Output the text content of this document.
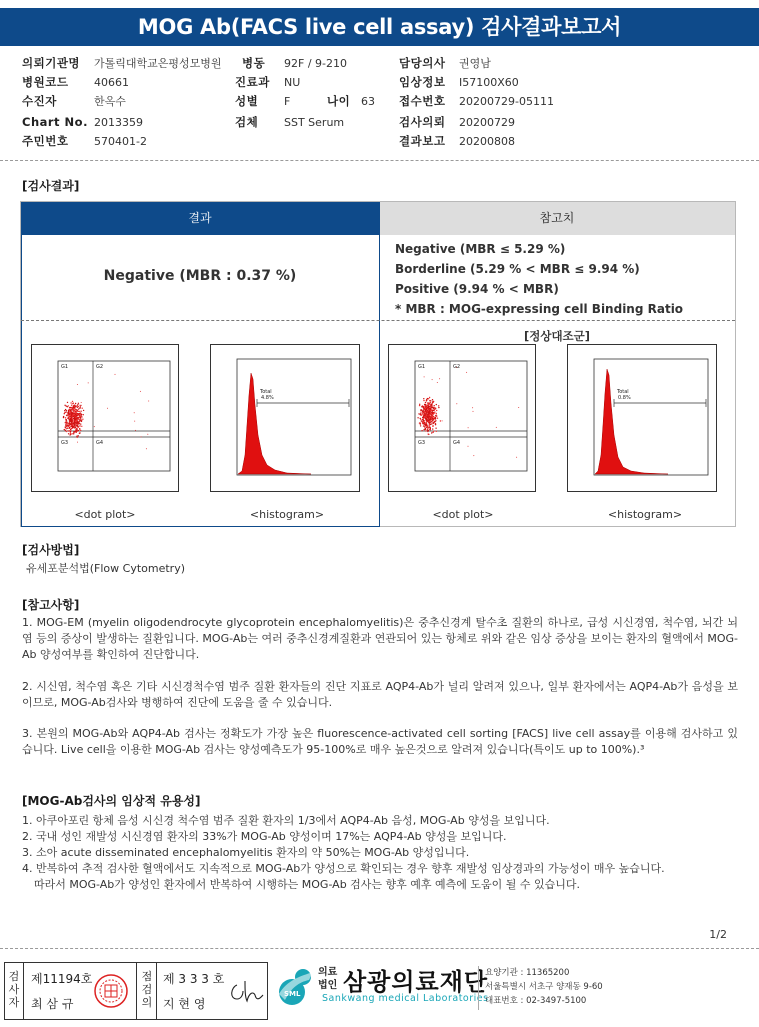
MOG Ab(FACS live cell assay) 검사결과보고서
의뢰기관명 가톨릭대학교은평성모병원 병동 92F / 9-210	담당의사 권영남
병원코드 40661	진료과 NU	임상정보 I57100X60
수진자	한옥수	성별 F	나이 63 접수번호 20200729-05111
Chart No. 2013359	검체 SST Serum	검사의뢰 20200729
주민번호 570401-2	결과보고 20200808
[검사결과]
결과	참고치
Negative (MBR : 0.37 %)
Negative (MBR ≤ 5.29 %)
Borderline (5.29 % < MBR ≤ 9.94 %)
Positive (9.94 % < MBR)
* MBR : MOG-expressing cell Binding Ratio
[정상대조군]
G1	G2
G3	G4
<dot plot>
Total
4.8%
<histogram>
G1	G2
G3	G4
<dot plot>
Total
0.8%
<histogram>
[검사방법]
유세포분석법(Flow Cytometry)
[참고사항]
1. MOG-EM (myelin oligodendrocyte glycoprotein encephalomyelitis)은 중추신경계 탈수초 질환의 하나로, 급성 시신경염, 척수염, 뇌간 뇌염 등의 증상이 발생하는 질환입니다. MOG-Ab는 여러 중추신경계질환과 연관되어 있는 항체로 위와 같은 임상 증상을 보이는 환자의 혈액에서 MOG-Ab 양성여부를 확인하여 진단합니다.
2. 시신염, 척수염 혹은 기타 시신경척수염 범주 질환 환자들의 진단 지표로 AQP4-Ab가 널리 알려져 있으나, 일부 환자에서는 AQP4-Ab가 음성을 보이므로, MOG-Ab검사와 병행하여 진단에 도움을 줄 수 있습니다.
3. 본원의 MOG-Ab와 AQP4-Ab 검사는 정확도가 가장 높은 fluorescence-activated cell sorting [FACS] live cell assay를 이용해 검사하고 있습니다. Live cell을 이용한 MOG-Ab 검사는 양성예측도가 95-100%로 매우 높은것으로 알려져 있습니다(특이도 up to 100%).³
[MOG-Ab검사의 임상적 유용성]

1. 아쿠아포린 항체 음성 시신경 척수염 범주 질환 환자의 1/3에서 AQP4-Ab 음성, MOG-Ab 양성을 보입니다.

2. 국내 성인 재발성 시신경염 환자의 33%가 MOG-Ab 양성이며 17%는 AQP4-Ab 양성을 보입니다.

3. 소아 acute disseminated encephalomyelitis 환자의 약 50%는 MOG-Ab 양성입니다.

4. 반복하여 추적 검사한 혈액에서도 지속적으로 MOG-Ab가 양성으로 확인되는 경우 향후 재발성 임상경과의 가능성이 매우 높습니다.

따라서 MOG-Ab가 양성인 환자에서 반복하여 시행하는 MOG-Ab 검사는 향후 예후 예측에 도움이 될 수 있습니다.

1/2
검
사
자
제11194호
최 삼 규
점
검
의
제 3 3 3 호
지 현 영
SML
의료
법인 삼광의료재단
Sankwang medical Laboratories
요양기관 : 11365200
서울특별시 서초구 양재동 9-60
대표번호 : 02-3497-5100
